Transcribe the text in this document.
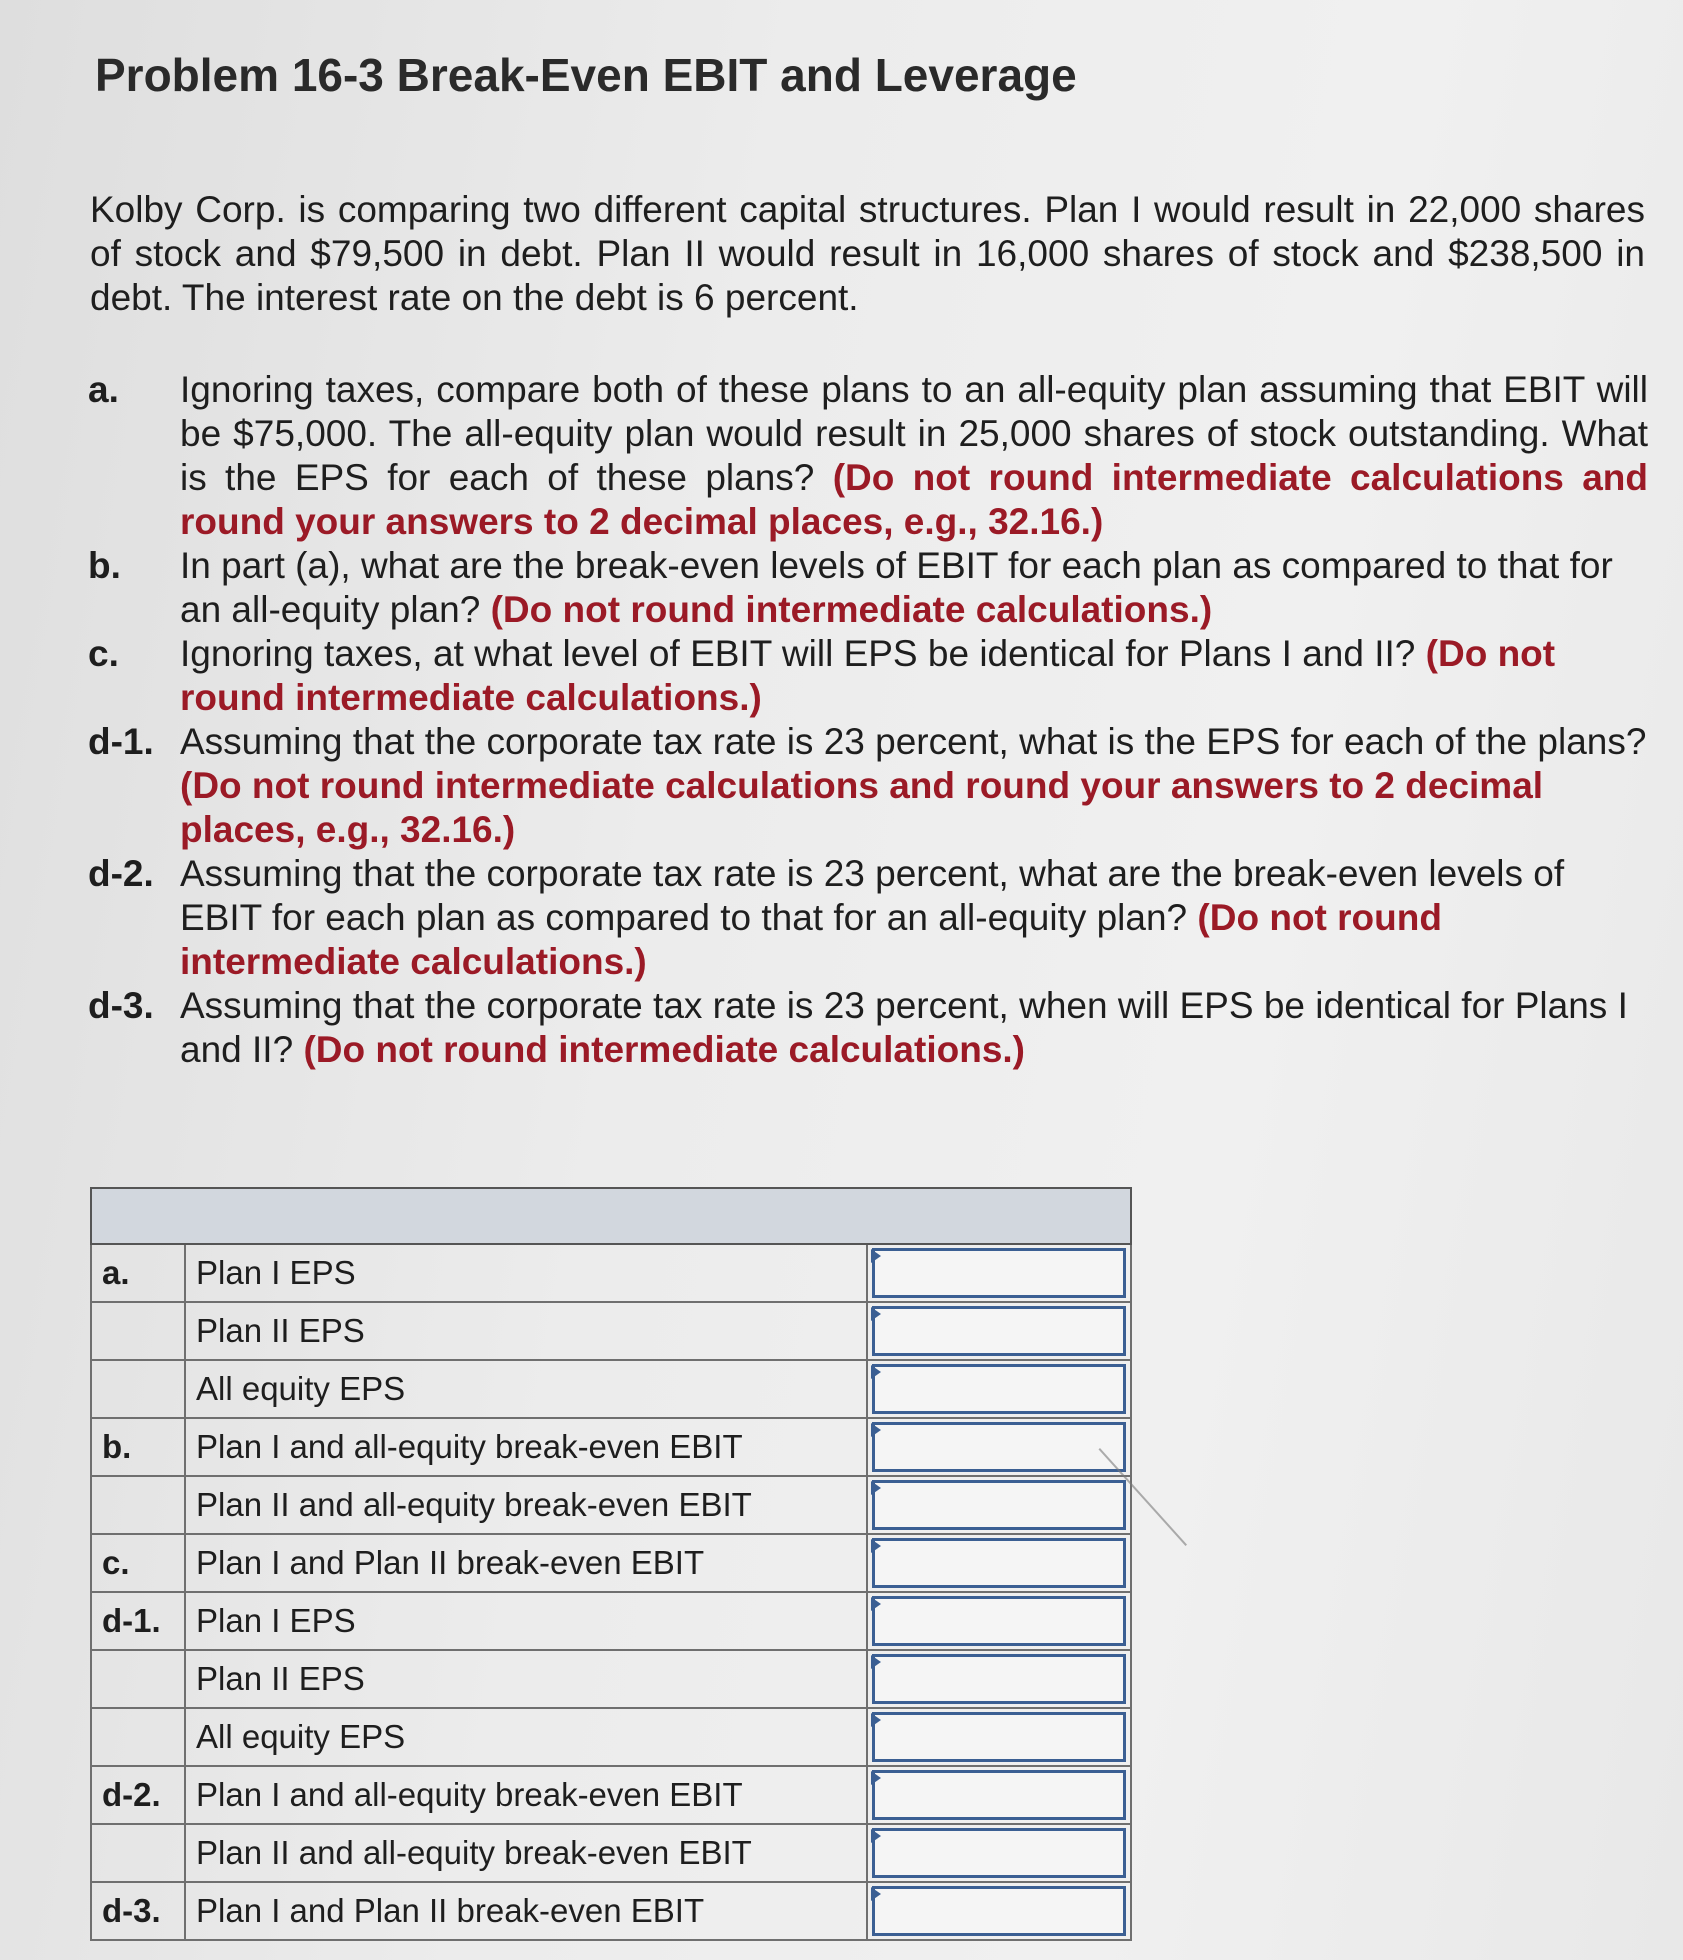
Problem 16-3 Break-Even EBIT and Leverage
Kolby Corp. is comparing two different capital structures. Plan I would result in 22,000 shares of stock and $79,500 in debt. Plan II would result in 16,000 shares of stock and $238,500 in debt. The interest rate on the debt is 6 percent.
a. Ignoring taxes, compare both of these plans to an all-equity plan assuming that EBIT will be $75,000. The all-equity plan would result in 25,000 shares of stock outstanding. What is the EPS for each of these plans? (Do not round intermediate calculations and round your answers to 2 decimal places, e.g., 32.16.)
b. In part (a), what are the break-even levels of EBIT for each plan as compared to that for an all-equity plan? (Do not round intermediate calculations.)
c. Ignoring taxes, at what level of EBIT will EPS be identical for Plans I and II? (Do not round intermediate calculations.)
d-1. Assuming that the corporate tax rate is 23 percent, what is the EPS for each of the plans? (Do not round intermediate calculations and round your answers to 2 decimal places, e.g., 32.16.)
d-2. Assuming that the corporate tax rate is 23 percent, what are the break-even levels of EBIT for each plan as compared to that for an all-equity plan? (Do not round intermediate calculations.)
d-3. Assuming that the corporate tax rate is 23 percent, when will EPS be identical for Plans I and II? (Do not round intermediate calculations.)

a.	Plan I EPS	

	Plan II EPS	

	All equity EPS	

b.	Plan I and all-equity break-even EBIT	

	Plan II and all-equity break-even EBIT	

c.	Plan I and Plan II break-even EBIT	

d-1.	Plan I EPS	

	Plan II EPS	

	All equity EPS	

d-2.	Plan I and all-equity break-even EBIT	

	Plan II and all-equity break-even EBIT	

d-3.	Plan I and Plan II break-even EBIT	
